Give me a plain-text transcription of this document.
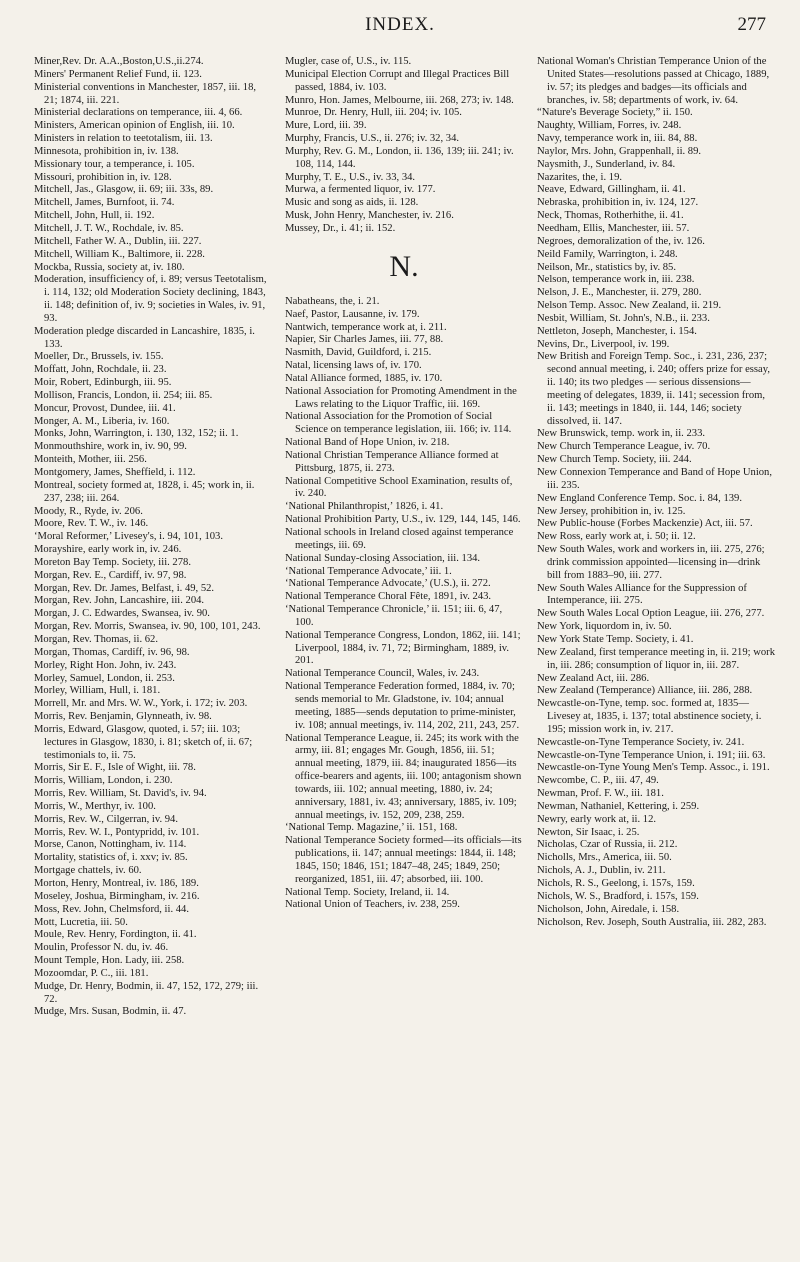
INDEX.	277

Miner,Rev. Dr. A.A.,Boston,U.S.,ii.274.

Miners' Permanent Relief Fund, ii. 123.

Ministerial conventions in Manchester, 1857, iii. 18, 21; 1874, iii. 221.

Ministerial declarations on temperance, iii. 4, 66.

Ministers, American opinion of English, iii. 10.

Ministers in relation to teetotalism, iii. 13.

Minnesota, prohibition in, iv. 138.

Missionary tour, a temperance, i. 105.

Missouri, prohibition in, iv. 128.

Mitchell, Jas., Glasgow, ii. 69; iii. 33s, 89.

Mitchell, James, Burnfoot, ii. 74.

Mitchell, John, Hull, ii. 192.

Mitchell, J. T. W., Rochdale, iv. 85.

Mitchell, Father W. A., Dublin, iii. 227.

Mitchell, William K., Baltimore, ii. 228.

Mockba, Russia, society at, iv. 180.

Moderation, insufficiency of, i. 89; versus Teetotalism, i. 114, 132; old Moderation Society declining, 1843, ii. 148; definition of, iv. 9; societies in Wales, iv. 91, 93.

Moderation pledge discarded in Lancashire, 1835, i. 133.

Moeller, Dr., Brussels, iv. 155.

Moffatt, John, Rochdale, ii. 23.

Moir, Robert, Edinburgh, iii. 95.

Mollison, Francis, London, ii. 254; iii. 85.

Moncur, Provost, Dundee, iii. 41.

Monger, A. M., Liberia, iv. 160.

Monks, John, Warrington, i. 130, 132, 152; ii. 1.

Monmouthshire, work in, iv. 90, 99.

Monteith, Mother, iii. 256.

Montgomery, James, Sheffield, i. 112.

Montreal, society formed at, 1828, i. 45; work in, ii. 237, 238; iii. 264.

Moody, R., Ryde, iv. 206.

Moore, Rev. T. W., iv. 146.

‘Moral Reformer,’ Livesey's, i. 94, 101, 103.

Morayshire, early work in, iv. 246.

Moreton Bay Temp. Society, iii. 278.

Morgan, Rev. E., Cardiff, iv. 97, 98.

Morgan, Rev. Dr. James, Belfast, i. 49, 52.

Morgan, Rev. John, Lancashire, iii. 204.

Morgan, J. C. Edwardes, Swansea, iv. 90.

Morgan, Rev. Morris, Swansea, iv. 90, 100, 101, 243.

Morgan, Rev. Thomas, ii. 62.

Morgan, Thomas, Cardiff, iv. 96, 98.

Morley, Right Hon. John, iv. 243.

Morley, Samuel, London, ii. 253.

Morley, William, Hull, i. 181.

Morrell, Mr. and Mrs. W. W., York, i. 172; iv. 203.

Morris, Rev. Benjamin, Glynneath, iv. 98.

Morris, Edward, Glasgow, quoted, i. 57; iii. 103; lectures in Glasgow, 1830, i. 81; sketch of, ii. 67; testimonials to, ii. 75.

Morris, Sir E. F., Isle of Wight, iii. 78.

Morris, William, London, i. 230.

Morris, Rev. William, St. David's, iv. 94.

Morris, W., Merthyr, iv. 100.

Morris, Rev. W., Cilgerran, iv. 94.

Morris, Rev. W. I., Pontypridd, iv. 101.

Morse, Canon, Nottingham, iv. 114.

Mortality, statistics of, i. xxv; iv. 85.

Mortgage chattels, iv. 60.

Morton, Henry, Montreal, iv. 186, 189.

Moseley, Joshua, Birmingham, iv. 216.

Moss, Rev. John, Chelmsford, ii. 44.

Mott, Lucretia, iii. 50.

Moule, Rev. Henry, Fordington, ii. 41.

Moulin, Professor N. du, iv. 46.

Mount Temple, Hon. Lady, iii. 258.

Mozoomdar, P. C., iii. 181.

Mudge, Dr. Henry, Bodmin, ii. 47, 152, 172, 279; iii. 72.

Mudge, Mrs. Susan, Bodmin, ii. 47.

Mugler, case of, U.S., iv. 115.

Municipal Election Corrupt and Illegal Practices Bill passed, 1884, iv. 103.

Munro, Hon. James, Melbourne, iii. 268, 273; iv. 148.

Munroe, Dr. Henry, Hull, iii. 204; iv. 105.

Mure, Lord, iii. 39.

Murphy, Francis, U.S., ii. 276; iv. 32, 34.

Murphy, Rev. G. M., London, ii. 136, 139; iii. 241; iv. 108, 114, 144.

Murphy, T. E., U.S., iv. 33, 34.

Murwa, a fermented liquor, iv. 177.

Music and song as aids, ii. 128.

Musk, John Henry, Manchester, iv. 216.

Mussey, Dr., i. 41; ii. 152.

N.

Nabatheans, the, i. 21.

Naef, Pastor, Lausanne, iv. 179.

Nantwich, temperance work at, i. 211.

Napier, Sir Charles James, iii. 77, 88.

Nasmith, David, Guildford, i. 215.

Natal, licensing laws of, iv. 170.

Natal Alliance formed, 1885, iv. 170.

National Association for Promoting Amendment in the Laws relating to the Liquor Traffic, iii. 169.

National Association for the Promotion of Social Science on temperance legislation, iii. 166; iv. 114.

National Band of Hope Union, iv. 218.

National Christian Temperance Alliance formed at Pittsburg, 1875, ii. 273.

National Competitive School Examination, results of, iv. 240.

‘National Philanthropist,’ 1826, i. 41.

National Prohibition Party, U.S., iv. 129, 144, 145, 146.

National schools in Ireland closed against temperance meetings, iii. 69.

National Sunday-closing Association, iii. 134.

‘National Temperance Advocate,’ iii. 1.

‘National Temperance Advocate,’ (U.S.), ii. 272.

National Temperance Choral Fête, 1891, iv. 243.

‘National Temperance Chronicle,’ ii. 151; iii. 6, 47, 100.

National Temperance Congress, London, 1862, iii. 141; Liverpool, 1884, iv. 71, 72; Birmingham, 1889, iv. 201.

National Temperance Council, Wales, iv. 243.

National Temperance Federation formed, 1884, iv. 70; sends memorial to Mr. Gladstone, iv. 104; annual meeting, 1885—sends deputation to prime-minister, iv. 108; annual meetings, iv. 114, 202, 211, 243, 257.

National Temperance League, ii. 245; its work with the army, iii. 81; engages Mr. Gough, 1856, iii. 51; annual meeting, 1879, iii. 84; inaugurated 1856—its office-bearers and agents, iii. 100; antagonism shown towards, iii. 102; annual meeting, 1880, iv. 24; anniversary, 1881, iv. 43; anniversary, 1885, iv. 109; annual meetings, iv. 152, 209, 238, 259.

‘National Temp. Magazine,’ ii. 151, 168.

National Temperance Society formed—its officials—its publications, ii. 147; annual meetings: 1844, ii. 148; 1845, 150; 1846, 151; 1847–48, 245; 1849, 250; reorganized, 1851, iii. 47; absorbed, iii. 100.

National Temp. Society, Ireland, ii. 14.

National Union of Teachers, iv. 238, 259.

National Woman's Christian Temperance Union of the United States—resolutions passed at Chicago, 1889, iv. 57; its pledges and badges—its officials and branches, iv. 58; departments of work, iv. 64.

“Nature's Beverage Society,” ii. 150.

Naughty, William, Forres, iv. 248.

Navy, temperance work in, iii. 84, 88.

Naylor, Mrs. John, Grappenhall, ii. 89.

Naysmith, J., Sunderland, iv. 84.

Nazarites, the, i. 19.

Neave, Edward, Gillingham, ii. 41.

Nebraska, prohibition in, iv. 124, 127.

Neck, Thomas, Rotherhithe, ii. 41.

Needham, Ellis, Manchester, iii. 57.

Negroes, demoralization of the, iv. 126.

Neild Family, Warrington, i. 248.

Neilson, Mr., statistics by, iv. 85.

Nelson, temperance work in, iii. 238.

Nelson, J. E., Manchester, ii. 279, 280.

Nelson Temp. Assoc. New Zealand, ii. 219.

Nesbit, William, St. John's, N.B., ii. 233.

Nettleton, Joseph, Manchester, i. 154.

Nevins, Dr., Liverpool, iv. 199.

New British and Foreign Temp. Soc., i. 231, 236, 237; second annual meeting, i. 240; offers prize for essay, ii. 140; its two pledges — serious dissensions—meeting of delegates, 1839, ii. 141; secession from, ii. 143; meetings in 1840, ii. 144, 146; society dissolved, ii. 147.

New Brunswick, temp. work in, ii. 233.

New Church Temperance League, iv. 70.

New Church Temp. Society, iii. 244.

New Connexion Temperance and Band of Hope Union, iii. 235.

New England Conference Temp. Soc. i. 84, 139.

New Jersey, prohibition in, iv. 125.

New Public-house (Forbes Mackenzie) Act, iii. 57.

New Ross, early work at, i. 50; ii. 12.

New South Wales, work and workers in, iii. 275, 276; drink commission appointed—licensing in—drink bill from 1883–90, iii. 277.

New South Wales Alliance for the Suppression of Intemperance, iii. 275.

New South Wales Local Option League, iii. 276, 277.

New York, liquordom in, iv. 50.

New York State Temp. Society, i. 41.

New Zealand, first temperance meeting in, ii. 219; work in, iii. 286; consumption of liquor in, iii. 287.

New Zealand Act, iii. 286.

New Zealand (Temperance) Alliance, iii. 286, 288.

Newcastle-on-Tyne, temp. soc. formed at, 1835—Livesey at, 1835, i. 137; total abstinence society, i. 195; mission work in, iv. 217.

Newcastle-on-Tyne Temperance Society, iv. 241.

Newcastle-on-Tyne Temperance Union, i. 191; iii. 63.

Newcastle-on-Tyne Young Men's Temp. Assoc., i. 191.

Newcombe, C. P., iii. 47, 49.

Newman, Prof. F. W., iii. 181.

Newman, Nathaniel, Kettering, i. 259.

Newry, early work at, ii. 12.

Newton, Sir Isaac, i. 25.

Nicholas, Czar of Russia, ii. 212.

Nicholls, Mrs., America, iii. 50.

Nichols, A. J., Dublin, iv. 211.

Nichols, R. S., Geelong, i. 157s, 159.

Nichols, W. S., Bradford, i. 157s, 159.

Nicholson, John, Airedale, i. 158.

Nicholson, Rev. Joseph, South Australia, iii. 282, 283.
